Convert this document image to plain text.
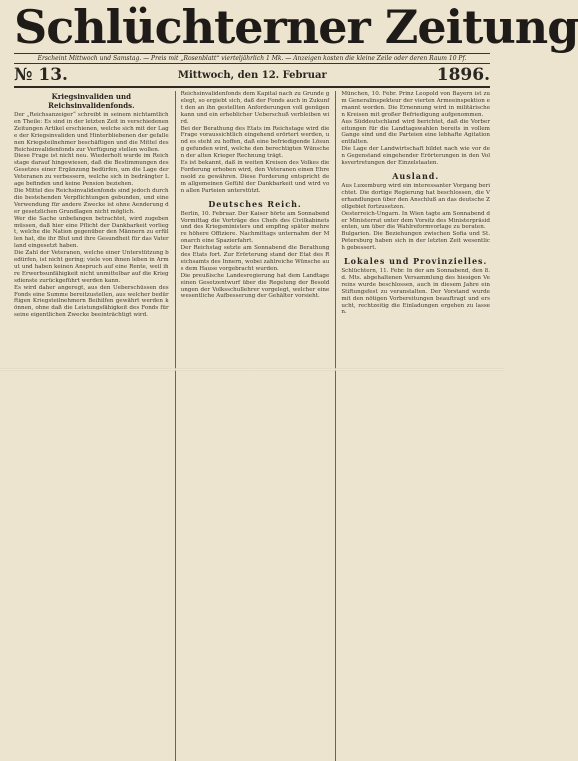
Schlüchterner Zeitung
Erscheint Mittwoch und Samstag. — Preis mit „Rosenblatt“ vierteljährlich 1 Mk. — Anzeigen kosten die kleine Zeile oder deren Raum 10 Pf.
№ 13.	Mittwoch, den 12. Februar	1896.
Kriegsinvaliden und Reichsinvalidenfonds.

Der „Reichsanzeiger“ schreibt in seinem nichtamtlichen Theile: Es sind in der letzten Zeit in verschiedenen Zeitungen Artikel erschienen, welche sich mit der Lage der Kriegsinvaliden und Hinterbliebenen der gefallenen Kriegsteilnehmer beschäftigen und die Mittel des Reichsinvalidenfonds zur Verfügung stellen wollen.

Diese Frage ist nicht neu. Wiederholt wurde im Reichstage darauf hingewiesen, daß die Bestimmungen des Gesetzes einer Ergänzung bedürfen, um die Lage der Veteranen zu verbessern, welche sich in bedrängter Lage befinden und keine Pension beziehen.

Die Mittel des Reichsinvalidenfonds sind jedoch durch die bestehenden Verpflichtungen gebunden, und eine Verwendung für andere Zwecke ist ohne Aenderung der gesetzlichen Grundlagen nicht möglich.

Wer die Sache unbefangen betrachtet, wird zugeben müssen, daß hier eine Pflicht der Dankbarkeit vorliegt, welche die Nation gegenüber den Männern zu erfüllen hat, die ihr Blut und ihre Gesundheit für das Vaterland eingesetzt haben.

Die Zahl der Veteranen, welche einer Unterstützung bedürfen, ist nicht gering; viele von ihnen leben in Armut und haben keinen Anspruch auf eine Rente, weil ihre Erwerbsunfähigkeit nicht unmittelbar auf die Kriegsdienste zurückgeführt werden kann.

Es wird daher angeregt, aus den Ueberschüssen des Fonds eine Summe bereitzustellen, aus welcher bedürftigen Kriegsteilnehmern Beihilfen gewährt werden können, ohne daß die Leistungsfähigkeit des Fonds für seine eigentlichen Zwecke beeinträchtigt wird.

Reichsinvalidenfonds dem Kapital nach zu Grunde gelegt, so ergiebt sich, daß der Fonds auch in Zukunft den an ihn gestellten Anforderungen voll genügen kann und ein erheblicher Ueberschuß verbleiben wird.

Bei der Berathung des Etats im Reichstage wird die Frage voraussichtlich eingehend erörtert werden, und es steht zu hoffen, daß eine befriedigende Lösung gefunden wird, welche den berechtigten Wünschen der alten Krieger Rechnung trägt.

Es ist bekannt, daß in weiten Kreisen des Volkes die Forderung erhoben wird, den Veteranen einen Ehrensold zu gewähren. Diese Forderung entspricht dem allgemeinen Gefühl der Dankbarkeit und wird von allen Parteien unterstützt.

Deutsches Reich.

Berlin, 10. Februar. Der Kaiser hörte am Sonnabend Vormittag die Vorträge des Chefs des Civilkabinets und des Kriegsministers und empfing später mehrere höhere Offiziere. Nachmittags unternahm der Monarch eine Spazierfahrt.

Der Reichstag setzte am Sonnabend die Berathung des Etats fort. Zur Erörterung stand der Etat des Reichsamts des Innern, wobei zahlreiche Wünsche aus dem Hause vorgebracht wurden.

Die preußische Landesregierung hat dem Landtage einen Gesetzentwurf über die Regelung der Besoldungen der Volksschullehrer vorgelegt, welcher eine wesentliche Aufbesserung der Gehälter vorsieht.

München, 10. Febr. Prinz Leopold von Bayern ist zum Generalinspekteur der vierten Armeeinspektion ernannt worden. Die Ernennung wird in militärischen Kreisen mit großer Befriedigung aufgenommen.

Aus Süddeutschland wird berichtet, daß die Vorbereitungen für die Landtagswahlen bereits in vollem Gange sind und die Parteien eine lebhafte Agitation entfalten.

Die Lage der Landwirtschaft bildet nach wie vor den Gegenstand eingehender Erörterungen in den Volksvertretungen der Einzelstaaten.

Ausland.

Aus Luxemburg wird ein interessanter Vorgang berichtet. Die dortige Regierung hat beschlossen, die Verhandlungen über den Anschluß an das deutsche Zollgebiet fortzusetzen.

Oesterreich-Ungarn. In Wien tagte am Sonnabend der Ministerrat unter dem Vorsitz des Ministerpräsidenten, um über die Wahlreformvorlage zu beraten.

Bulgarien. Die Beziehungen zwischen Sofia und St. Petersburg haben sich in der letzten Zeit wesentlich gebessert.

Lokales und Provinzielles.

Schlüchtern, 11. Febr. In der am Sonnabend, den 8. d. Mts. abgehaltenen Versammlung des hiesigen Vereins wurde beschlossen, auch in diesem Jahre ein Stiftungsfest zu veranstalten. Der Vorstand wurde mit den nötigen Vorbereitungen beauftragt und ersucht, rechtzeitig die Einladungen ergehen zu lassen.
